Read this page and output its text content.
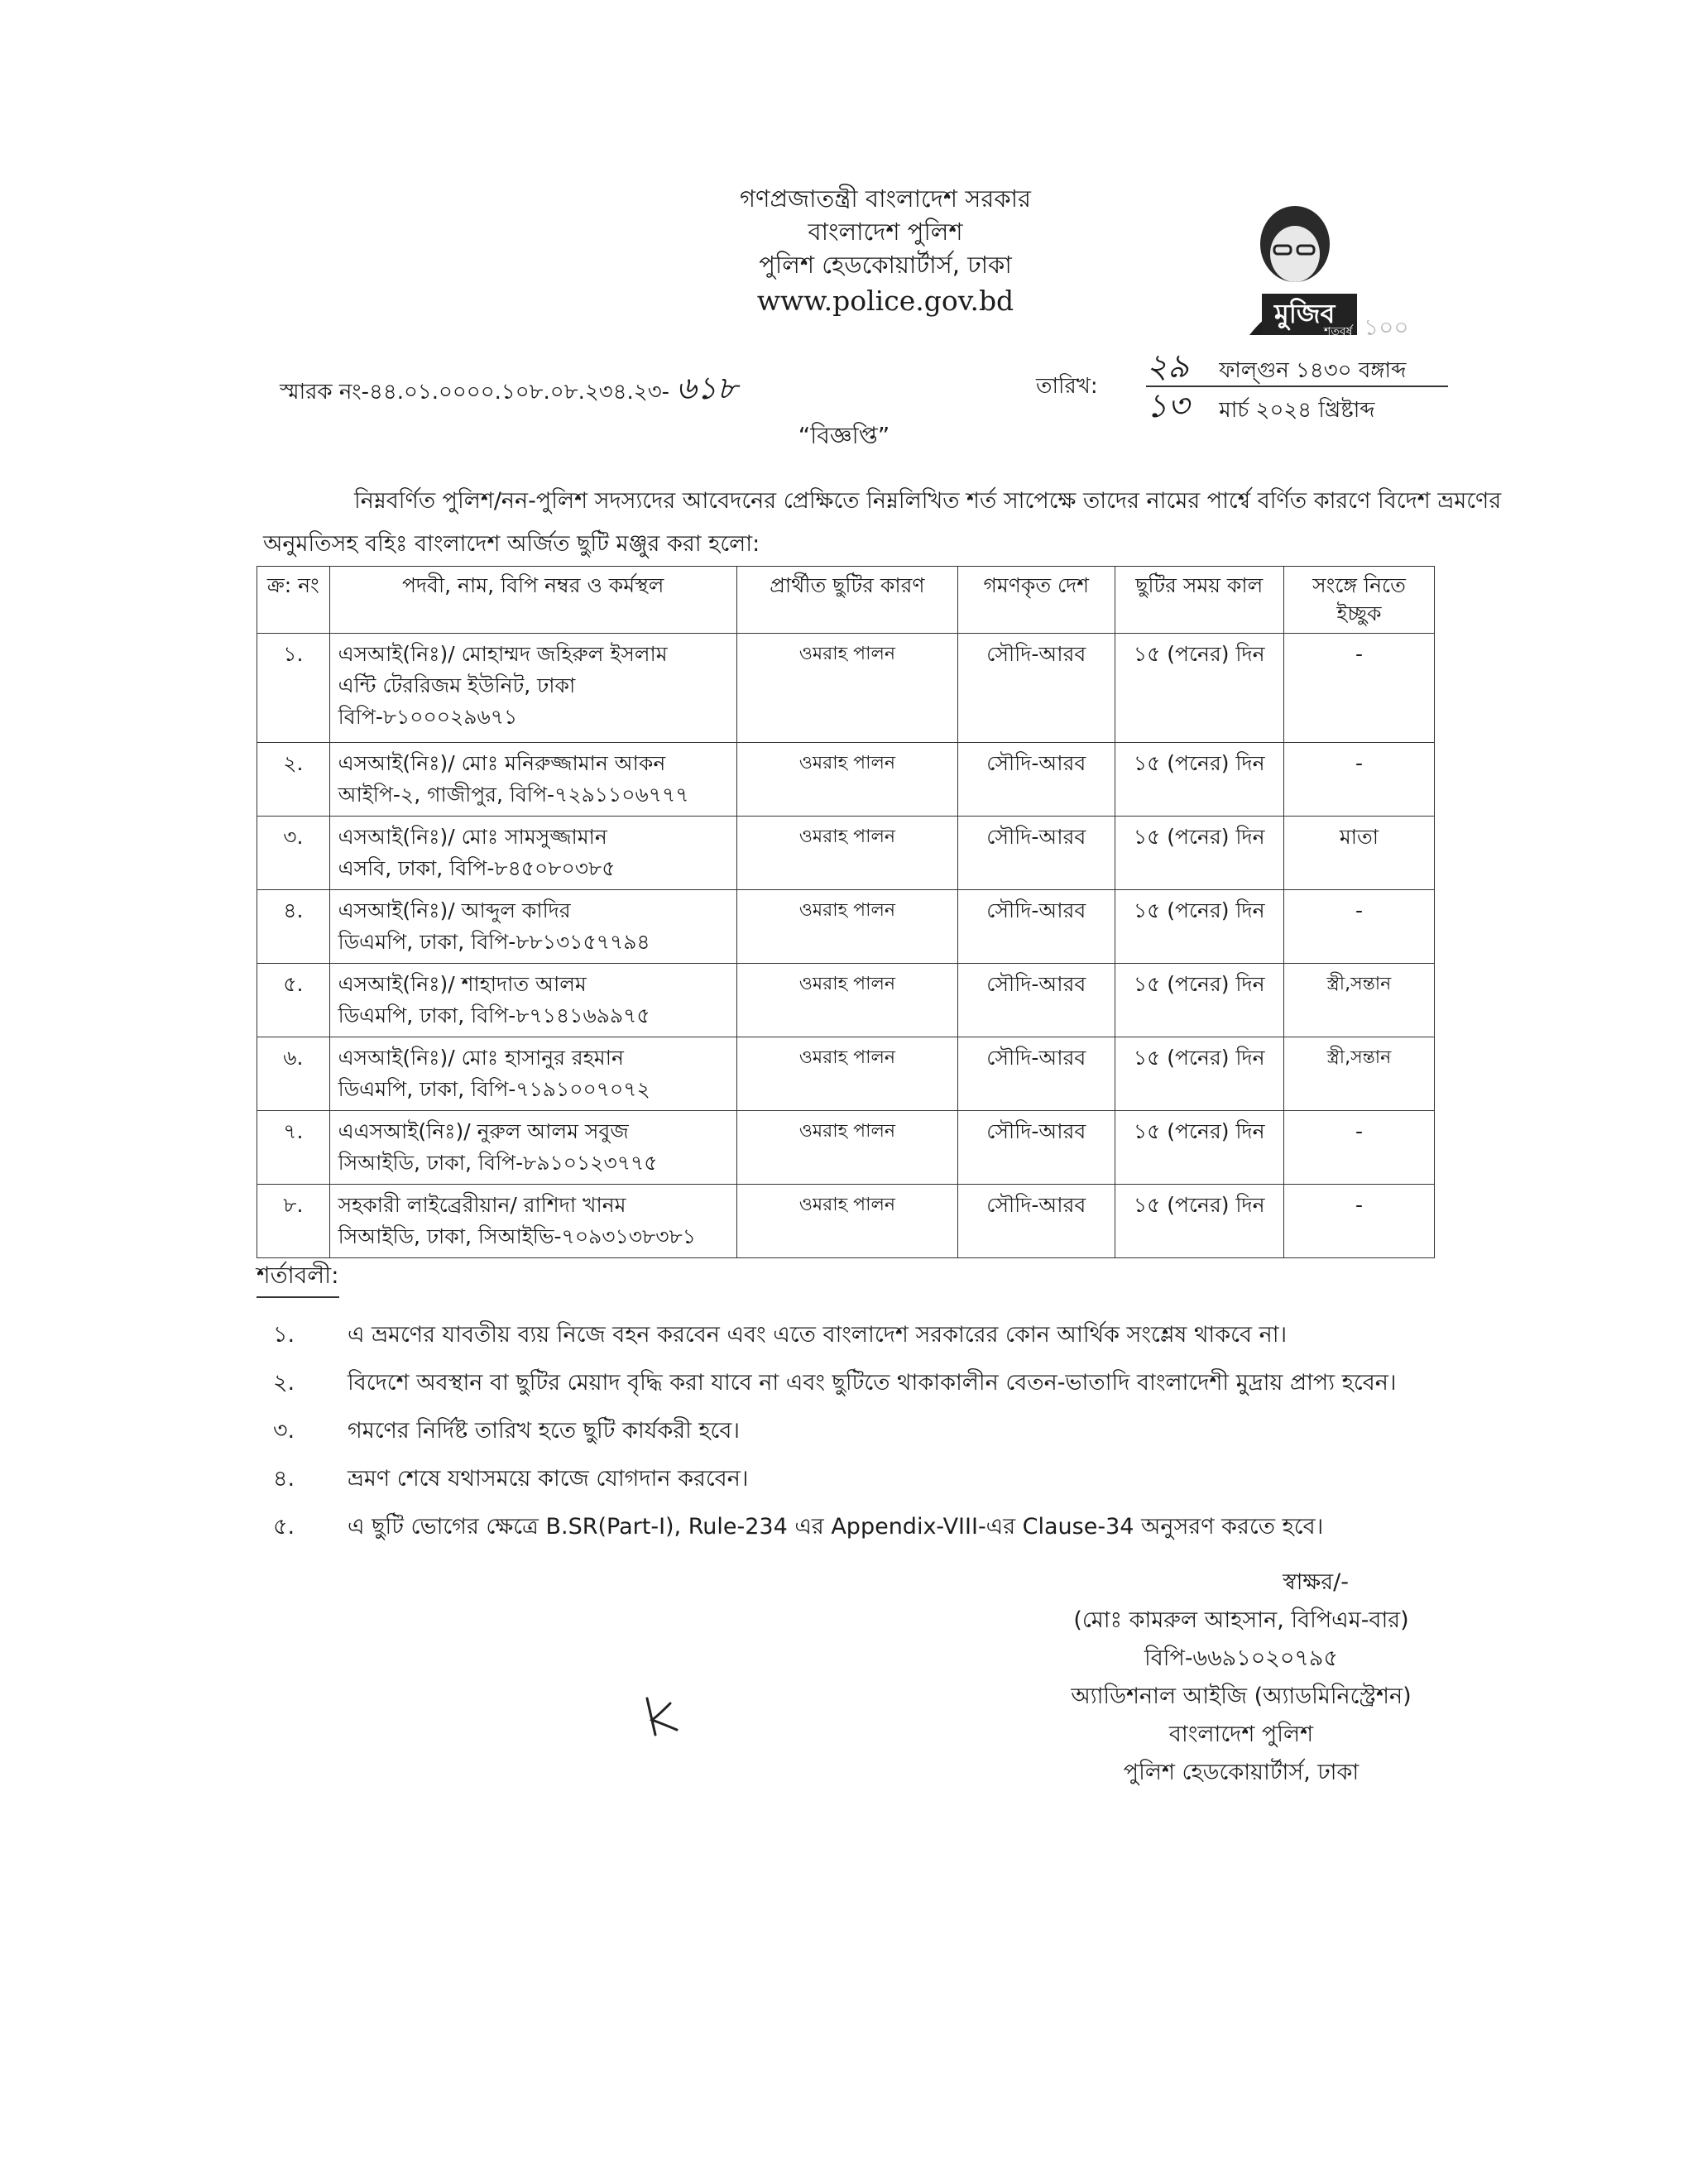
গণপ্রজাতন্ত্রী বাংলাদেশ সরকার
বাংলাদেশ পুলিশ
পুলিশ হেডকোয়ার্টার্স, ঢাকা
www.police.gov.bd	মুজিব
শতবর্ষ ১০০
স্মারক নং-৪৪.০১.০০০০.১০৮.০৮.২৩৪.২৩- ৬১৮	তারিখ:
২৯ ফাল্গুন ১৪৩০ বঙ্গাব্দ
১৩ মার্চ ২০২৪ খ্রিষ্টাব্দ
“বিজ্ঞপ্তি”
নিম্নবর্ণিত পুলিশ/নন-পুলিশ সদস্যদের আবেদনের প্রেক্ষিতে নিম্নলিখিত শর্ত সাপেক্ষে তাদের নামের পার্শ্বে বর্ণিত কারণে বিদেশ ভ্রমণের অনুমতিসহ বহিঃ বাংলাদেশ অর্জিত ছুটি মঞ্জুর করা হলো:
ক্র: নং	পদবী, নাম, বিপি নম্বর ও কর্মস্থল	প্রার্থীত ছুটির কারণ	গমণকৃত দেশ	ছুটির সময় কাল	সংঙ্গে নিতে ইচ্ছুক
১.	এসআই(নিঃ)/ মোহাম্মদ জহিরুল ইসলাম
এন্টি টেররিজম ইউনিট, ঢাকা
বিপি-৮১০০০২৯৬৭১	ওমরাহ পালন	সৌদি-আরব	১৫ (পনের) দিন	-
২.	এসআই(নিঃ)/ মোঃ মনিরুজ্জামান আকন
আইপি-২, গাজীপুর, বিপি-৭২৯১১০৬৭৭৭	ওমরাহ পালন	সৌদি-আরব	১৫ (পনের) দিন	-
৩.	এসআই(নিঃ)/ মোঃ সামসুজ্জামান
এসবি, ঢাকা, বিপি-৮৪৫০৮০৩৮৫	ওমরাহ পালন	সৌদি-আরব	১৫ (পনের) দিন	মাতা
৪.	এসআই(নিঃ)/ আব্দুল কাদির
ডিএমপি, ঢাকা, বিপি-৮৮১৩১৫৭৭৯৪	ওমরাহ পালন	সৌদি-আরব	১৫ (পনের) দিন	-
৫.	এসআই(নিঃ)/ শাহাদাত আলম
ডিএমপি, ঢাকা, বিপি-৮৭১৪১৬৯৯৭৫	ওমরাহ পালন	সৌদি-আরব	১৫ (পনের) দিন	স্ত্রী,সন্তান
৬.	এসআই(নিঃ)/ মোঃ হাসানুর রহমান
ডিএমপি, ঢাকা, বিপি-৭১৯১০০৭০৭২	ওমরাহ পালন	সৌদি-আরব	১৫ (পনের) দিন	স্ত্রী,সন্তান
৭.	এএসআই(নিঃ)/ নুরুল আলম সবুজ
সিআইডি, ঢাকা, বিপি-৮৯১০১২৩৭৭৫	ওমরাহ পালন	সৌদি-আরব	১৫ (পনের) দিন	-
৮.	সহকারী লাইব্রেরীয়ান/ রাশিদা খানম
সিআইডি, ঢাকা, সিআইভি-৭০৯৩১৩৮৩৮১	ওমরাহ পালন	সৌদি-আরব	১৫ (পনের) দিন	-
শর্তাবলী:
১.	এ ভ্রমণের যাবতীয় ব্যয় নিজে বহন করবেন এবং এতে বাংলাদেশ সরকারের কোন আর্থিক সংশ্লেষ থাকবে না।
২.	বিদেশে অবস্থান বা ছুটির মেয়াদ বৃদ্ধি করা যাবে না এবং ছুটিতে থাকাকালীন বেতন-ভাতাদি বাংলাদেশী মুদ্রায় প্রাপ্য হবেন।
৩.	গমণের নির্দিষ্ট তারিখ হতে ছুটি কার্যকরী হবে।
৪.	ভ্রমণ শেষে যথাসময়ে কাজে যোগদান করবেন।
৫.	এ ছুটি ভোগের ক্ষেত্রে B.SR(Part-I), Rule-234 এর Appendix-VIII-এর Clause-34 অনুসরণ করতে হবে।
স্বাক্ষর/-
(মোঃ কামরুল আহসান, বিপিএম-বার)
বিপি-৬৬৯১০২০৭৯৫
অ্যাডিশনাল আইজি (অ্যাডমিনিস্ট্রেশন)
বাংলাদেশ পুলিশ
পুলিশ হেডকোয়ার্টার্স, ঢাকা
